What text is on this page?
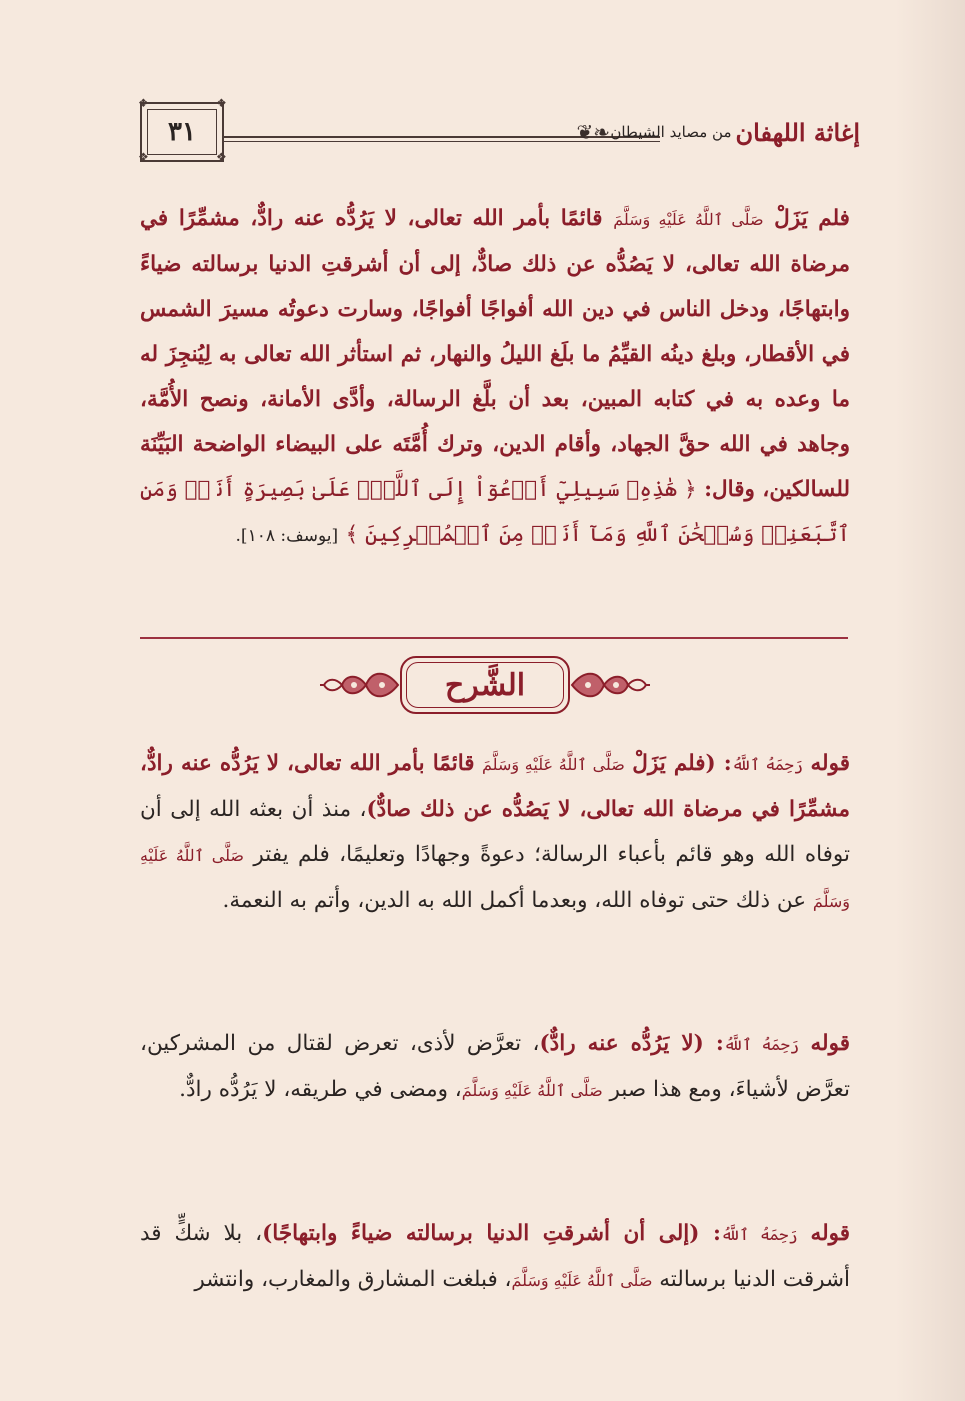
❖	❖
❖	❖
٣١	❦❧	إغاثة اللهفان
من مصايد الشيطان
فلم يَزَلْ صَلَّى ٱللَّهُ عَلَيْهِ وَسَلَّمَ قائمًا بأمر الله تعالى، لا يَرُدُّه عنه رادٌّ، مشمِّرًا في مرضاة الله تعالى، لا يَصُدُّه عن ذلك صادٌّ، إلى أن أشرقتِ الدنيا برسالته ضياءً وابتهاجًا، ودخل الناس في دين الله أفواجًا أفواجًا، وسارت دعوتُه مسيرَ الشمس في الأقطار، وبلغ دينُه القيِّمُ ما بلَغ الليلُ والنهار، ثم استأثر الله تعالى به لِيُنجِزَ له ما وعده به في كتابه المبين، بعد أن بلَّغ الرسالة، وأدَّى الأمانة، ونصح الأُمَّة، وجاهد في الله حقَّ الجهاد، وأقام الدين، وترك أُمَّتَه على البيضاء الواضحة البَيِّنَة للسالكين، وقال: ﴿ هَٰذِهِۦ سَبِيلِيٓ أَدۡعُوٓاْ إِلَى ٱللَّهِۚ عَلَىٰ بَصِيرَةٍ أَنَا۠ وَمَنِ ٱتَّبَعَنِيۖ وَسُبۡحَٰنَ ٱللَّهِ وَمَآ أَنَا۠ مِنَ ٱلۡمُشۡرِكِينَ ﴾ [يوسف: ١٠٨].
الشَّرح
قوله رَحِمَهُ ٱللَّهُ: (فلم يَزَلْ صَلَّى ٱللَّهُ عَلَيْهِ وَسَلَّمَ قائمًا بأمر الله تعالى، لا يَرُدُّه عنه رادٌّ، مشمِّرًا في مرضاة الله تعالى، لا يَصُدُّه عن ذلك صادٌّ)، منذ أن بعثه الله إلى أن توفاه الله وهو قائم بأعباء الرسالة؛ دعوةً وجهادًا وتعليمًا، فلم يفتر صَلَّى ٱللَّهُ عَلَيْهِ وَسَلَّمَ عن ذلك حتى توفاه الله، وبعدما أكمل الله به الدين، وأتم به النعمة.
قوله رَحِمَهُ ٱللَّهُ: (لا يَرُدُّه عنه رادٌّ)، تعرَّض لأذى، تعرض لقتال من المشركين، تعرَّض لأشياءَ، ومع هذا صبر صَلَّى ٱللَّهُ عَلَيْهِ وَسَلَّمَ، ومضى في طريقه، لا يَرُدُّه رادٌّ.
قوله رَحِمَهُ ٱللَّهُ: (إلى أن أشرقتِ الدنيا برسالته ضياءً وابتهاجًا)، بلا شكٍّ قد أشرقت الدنيا برسالته صَلَّى ٱللَّهُ عَلَيْهِ وَسَلَّمَ، فبلغت المشارق والمغارب، وانتشر
